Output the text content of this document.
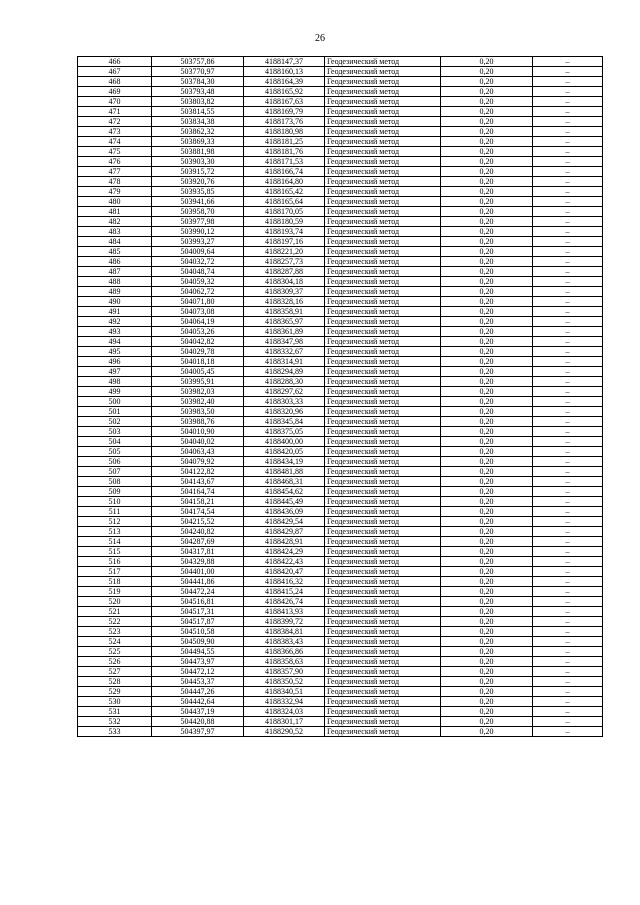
26
466	503757,86	4188147,37	Геодезический метод	0,20	–
467	503770,97	4188160,13	Геодезический метод	0,20	–
468	503784,30	4188164,39	Геодезический метод	0,20	–
469	503793,48	4188165,92	Геодезический метод	0,20	–
470	503803,82	4188167,63	Геодезический метод	0,20	–
471	503814,55	4188169,79	Геодезический метод	0,20	–
472	503834,38	4188173,76	Геодезический метод	0,20	–
473	503862,32	4188180,98	Геодезический метод	0,20	–
474	503869,33	4188181,25	Геодезический метод	0,20	–
475	503881,98	4188181,76	Геодезический метод	0,20	–
476	503903,30	4188171,53	Геодезический метод	0,20	–
477	503915,72	4188166,74	Геодезический метод	0,20	–
478	503920,76	4188164,80	Геодезический метод	0,20	–
479	503935,85	4188165,42	Геодезический метод	0,20	–
480	503941,66	4188165,64	Геодезический метод	0,20	–
481	503958,70	4188170,05	Геодезический метод	0,20	–
482	503977,98	4188180,59	Геодезический метод	0,20	–
483	503990,12	4188193,74	Геодезический метод	0,20	–
484	503993,27	4188197,16	Геодезический метод	0,20	–
485	504009,64	4188221,20	Геодезический метод	0,20	–
486	504032,72	4188257,73	Геодезический метод	0,20	–
487	504048,74	4188287,88	Геодезический метод	0,20	–
488	504059,32	4188304,18	Геодезический метод	0,20	–
489	504062,72	4188309,37	Геодезический метод	0,20	–
490	504071,80	4188328,16	Геодезический метод	0,20	–
491	504073,08	4188358,91	Геодезический метод	0,20	–
492	504064,19	4188365,97	Геодезический метод	0,20	–
493	504053,26	4188361,89	Геодезический метод	0,20	–
494	504042,82	4188347,98	Геодезический метод	0,20	–
495	504029,78	4188332,67	Геодезический метод	0,20	–
496	504018,18	4188314,91	Геодезический метод	0,20	–
497	504005,45	4188294,89	Геодезический метод	0,20	–
498	503995,91	4188288,30	Геодезический метод	0,20	–
499	503982,03	4188297,62	Геодезический метод	0,20	–
500	503982,40	4188303,33	Геодезический метод	0,20	–
501	503983,50	4188320,96	Геодезический метод	0,20	–
502	503988,76	4188345,84	Геодезический метод	0,20	–
503	504010,90	4188375,05	Геодезический метод	0,20	–
504	504040,02	4188400,00	Геодезический метод	0,20	–
505	504063,43	4188420,05	Геодезический метод	0,20	–
506	504079,92	4188434,19	Геодезический метод	0,20	–
507	504122,82	4188481,88	Геодезический метод	0,20	–
508	504143,67	4188468,31	Геодезический метод	0,20	–
509	504164,74	4188454,62	Геодезический метод	0,20	–
510	504158,21	4188445,49	Геодезический метод	0,20	–
511	504174,54	4188436,09	Геодезический метод	0,20	–
512	504215,52	4188429,54	Геодезический метод	0,20	–
513	504240,82	4188429,87	Геодезический метод	0,20	–
514	504287,69	4188428,91	Геодезический метод	0,20	–
515	504317,81	4188424,29	Геодезический метод	0,20	–
516	504329,88	4188422,43	Геодезический метод	0,20	–
517	504401,00	4188420,47	Геодезический метод	0,20	–
518	504441,86	4188416,32	Геодезический метод	0,20	–
519	504472,24	4188415,24	Геодезический метод	0,20	–
520	504516,81	4188426,74	Геодезический метод	0,20	–
521	504517,31	4188413,93	Геодезический метод	0,20	–
522	504517,87	4188399,72	Геодезический метод	0,20	–
523	504510,58	4188384,81	Геодезический метод	0,20	–
524	504509,90	4188383,43	Геодезический метод	0,20	–
525	504494,55	4188366,86	Геодезический метод	0,20	–
526	504473,97	4188358,63	Геодезический метод	0,20	–
527	504472,12	4188357,90	Геодезический метод	0,20	–
528	504453,37	4188350,52	Геодезический метод	0,20	–
529	504447,26	4188340,51	Геодезический метод	0,20	–
530	504442,64	4188332,94	Геодезический метод	0,20	–
531	504437,19	4188324,03	Геодезический метод	0,20	–
532	504420,88	4188301,17	Геодезический метод	0,20	–
533	504397,97	4188290,52	Геодезический метод	0,20	–
